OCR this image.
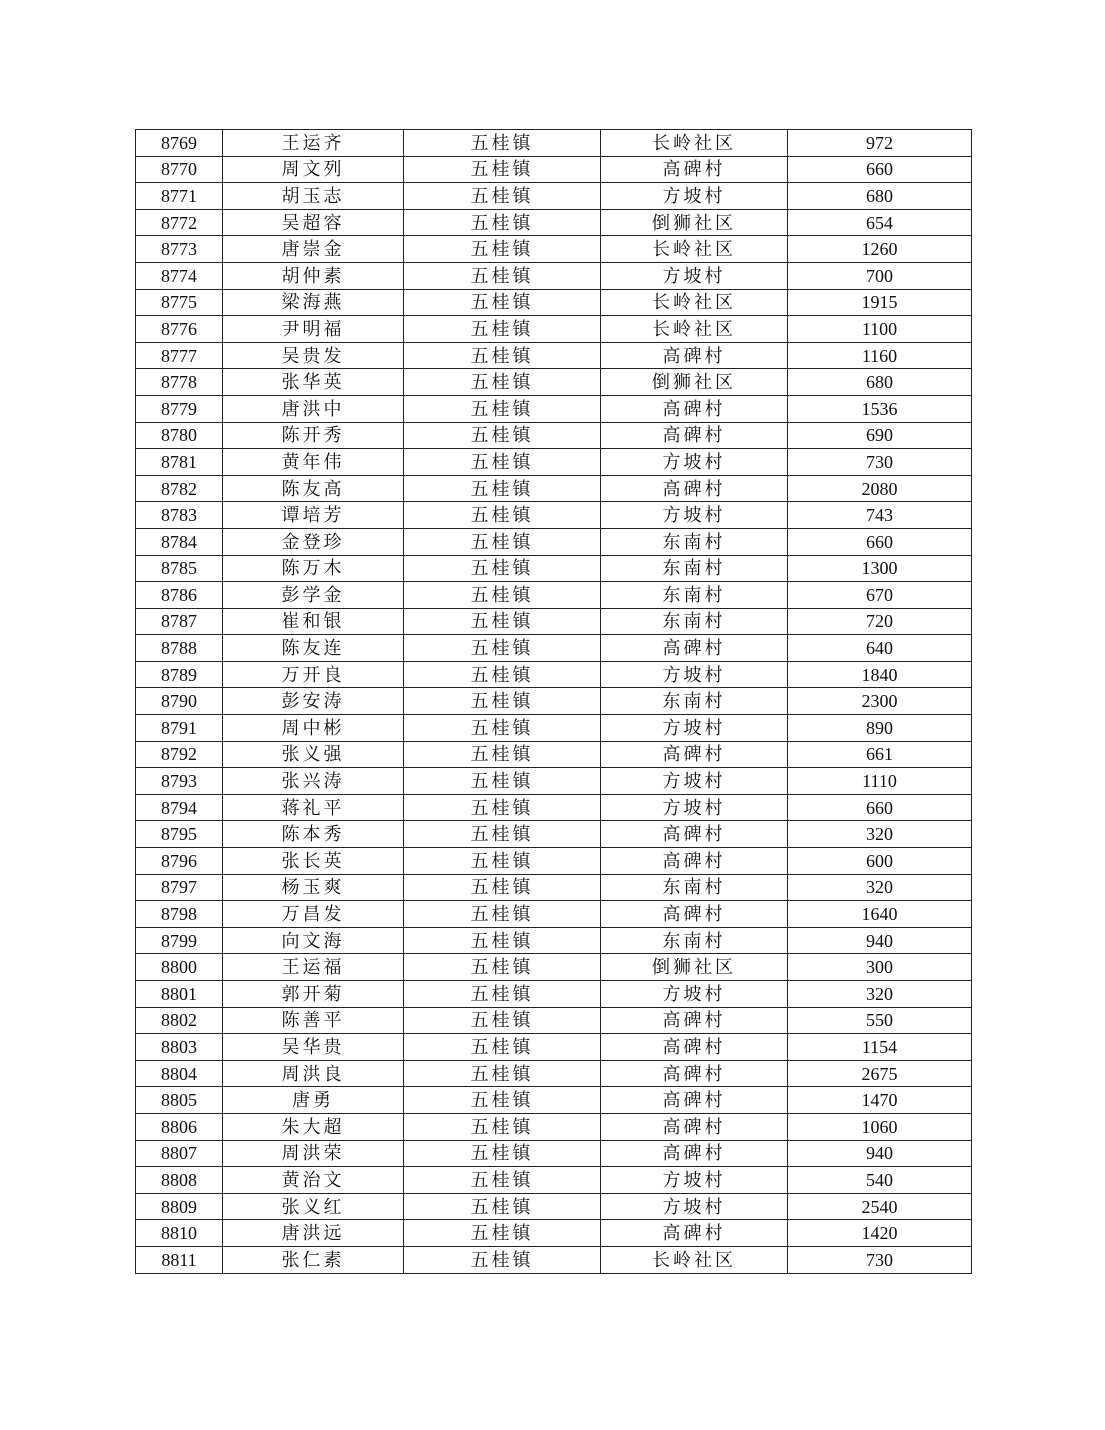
8769	王运齐	五桂镇	长岭社区	972
8770	周文列	五桂镇	高碑村	660
8771	胡玉志	五桂镇	方坡村	680
8772	吴超容	五桂镇	倒狮社区	654
8773	唐崇金	五桂镇	长岭社区	1260
8774	胡仲素	五桂镇	方坡村	700
8775	梁海燕	五桂镇	长岭社区	1915
8776	尹明福	五桂镇	长岭社区	1100
8777	吴贵发	五桂镇	高碑村	1160
8778	张华英	五桂镇	倒狮社区	680
8779	唐洪中	五桂镇	高碑村	1536
8780	陈开秀	五桂镇	高碑村	690
8781	黄年伟	五桂镇	方坡村	730
8782	陈友高	五桂镇	高碑村	2080
8783	谭培芳	五桂镇	方坡村	743
8784	金登珍	五桂镇	东南村	660
8785	陈万木	五桂镇	东南村	1300
8786	彭学金	五桂镇	东南村	670
8787	崔和银	五桂镇	东南村	720
8788	陈友连	五桂镇	高碑村	640
8789	万开良	五桂镇	方坡村	1840
8790	彭安涛	五桂镇	东南村	2300
8791	周中彬	五桂镇	方坡村	890
8792	张义强	五桂镇	高碑村	661
8793	张兴涛	五桂镇	方坡村	1110
8794	蒋礼平	五桂镇	方坡村	660
8795	陈本秀	五桂镇	高碑村	320
8796	张长英	五桂镇	高碑村	600
8797	杨玉爽	五桂镇	东南村	320
8798	万昌发	五桂镇	高碑村	1640
8799	向文海	五桂镇	东南村	940
8800	王运福	五桂镇	倒狮社区	300
8801	郭开菊	五桂镇	方坡村	320
8802	陈善平	五桂镇	高碑村	550
8803	吴华贵	五桂镇	高碑村	1154
8804	周洪良	五桂镇	高碑村	2675
8805	唐勇	五桂镇	高碑村	1470
8806	朱大超	五桂镇	高碑村	1060
8807	周洪荣	五桂镇	高碑村	940
8808	黄治文	五桂镇	方坡村	540
8809	张义红	五桂镇	方坡村	2540
8810	唐洪远	五桂镇	高碑村	1420
8811	张仁素	五桂镇	长岭社区	730
